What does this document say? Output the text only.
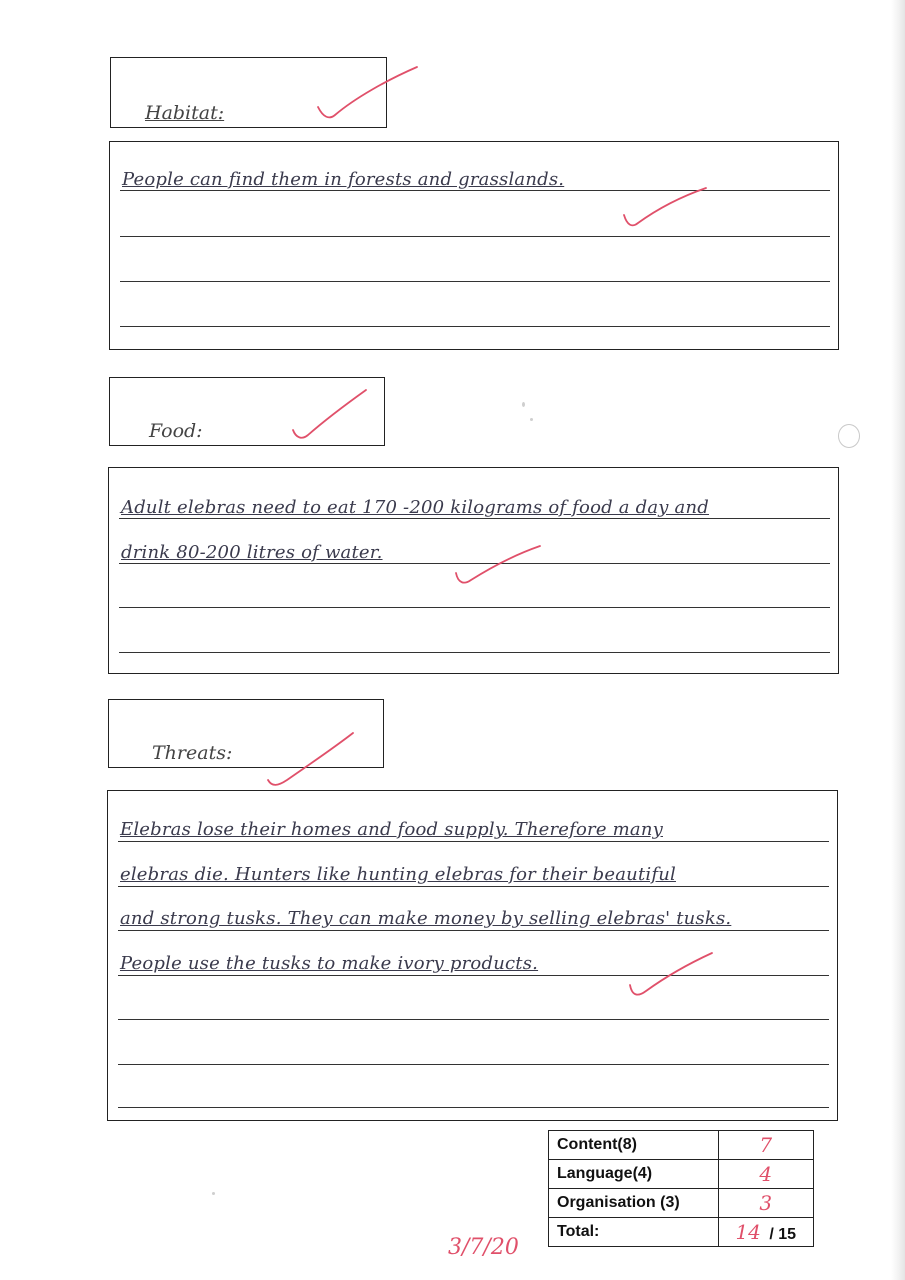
Habitat:
People can find them in forests and grasslands.
Food:
Adult elebras need to eat 170 -200 kilograms of food a day and
drink 80-200 litres of water.
Threats:
Elebras lose their homes and food supply. Therefore many
elebras die. Hunters like hunting elebras for their beautiful
and strong tusks. They can make money by selling elebras' tusks.
People use the tusks to make ivory products.
Content(8)	7
Language(4)	4
Organisation (3)	3
Total:	14 / 15
3/7/20
